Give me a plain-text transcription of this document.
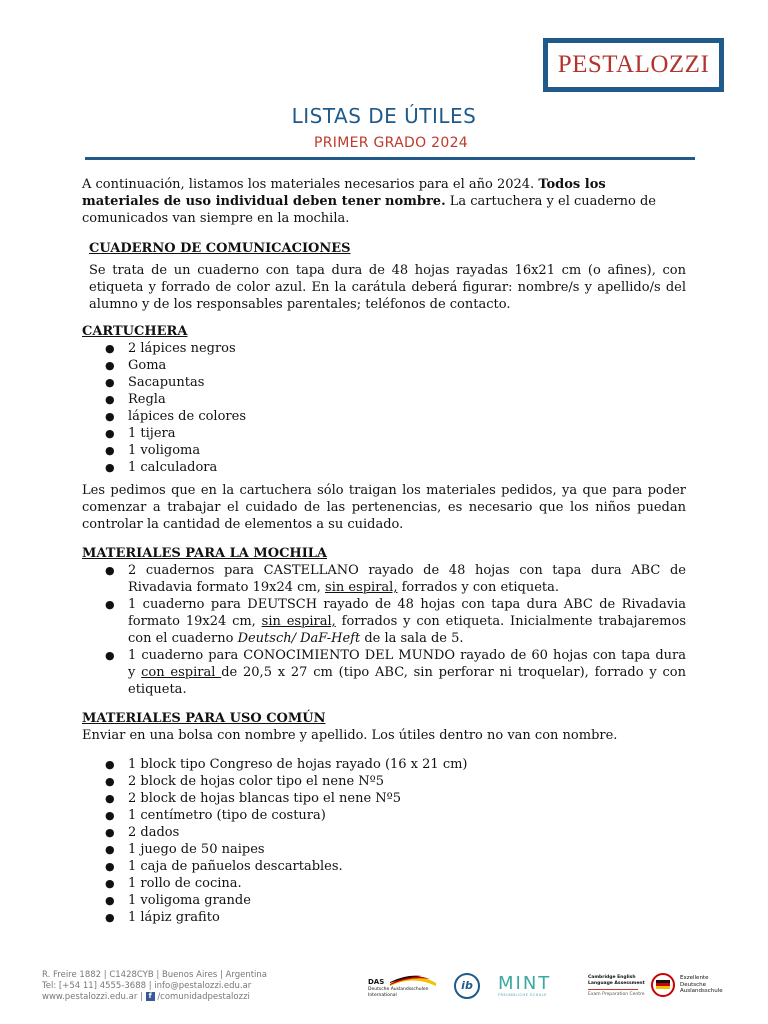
PESTALOZZI
LISTAS DE ÚTILES
PRIMER GRADO 2024

A continuación, listamos los materiales necesarios para el año 2024. Todos los materiales de uso individual deben tener nombre. La cartuchera y el cuaderno de comunicados van siempre en la mochila.

CUADERNO DE COMUNICACIONES

Se trata de un cuaderno con tapa dura de 48 hojas rayadas 16x21 cm (o afines), con etiqueta y forrado de color azul. En la carátula deberá figurar: nombre/s y apellido/s del alumno y de los responsables parentales; teléfonos de contacto.

CARTUCHERA

● 2 lápices negros
● Goma
● Sacapuntas
● Regla
● lápices de colores
● 1 tijera
● 1 voligoma
● 1 calculadora

Les pedimos que en la cartuchera sólo traigan los materiales pedidos, ya que para poder comenzar a trabajar el cuidado de las pertenencias, es necesario que los niños puedan controlar la cantidad de elementos a su cuidado.

MATERIALES PARA LA MOCHILA

● 2 cuadernos para CASTELLANO rayado de 48 hojas con tapa dura ABC de Rivadavia formato 19x24 cm, sin espiral, forrados y con etiqueta.
● 1 cuaderno para DEUTSCH rayado de 48 hojas con tapa dura ABC de Rivadavia formato 19x24 cm, sin espiral, forrados y con etiqueta. Inicialmente trabajaremos con el cuaderno Deutsch/ DaF-Heft de la sala de 5.
● 1 cuaderno para CONOCIMIENTO DEL MUNDO rayado de 60 hojas con tapa dura y con espiral de 20,5 x 27 cm (tipo ABC, sin perforar ni troquelar), forrado y con etiqueta.

MATERIALES PARA USO COMÚN

Enviar en una bolsa con nombre y apellido. Los útiles dentro no van con nombre.

● 1 block tipo Congreso de hojas rayado (16 x 21 cm)
● 2 block de hojas color tipo el nene Nº5
● 2 block de hojas blancas tipo el nene Nº5
● 1 centímetro (tipo de costura)
● 2 dados
● 1 juego de 50 naipes
● 1 caja de pañuelos descartables.
● 1 rollo de cocina.
● 1 voligoma grande
● 1 lápiz grafito
R. Freire 1882 | C1428CYB | Buenos Aires | Argentina
Tel: [+54 11] 4555-3688 | info@pestalozzi.edu.ar
www.pestalozzi.edu.ar | f /comunidadpestalozzi
DAS
Deutsche Auslandsschulen
International
ib	MINT
FREUNDLICHE SCHULE
Cambridge English
Language Assessment
Exam Preparation Centre
Exzellente
Deutsche
Auslandsschule
